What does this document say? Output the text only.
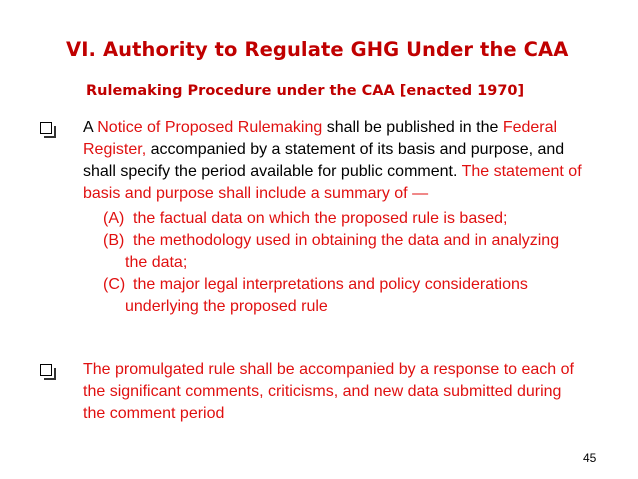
VI. Authority to Regulate GHG Under the CAA
Rulemaking Procedure under the CAA [enacted 1970]
A Notice of Proposed Rulemaking shall be published in the Federal Register, accompanied by a statement of its basis and purpose, and shall specify the period available for public comment. The statement of basis and purpose shall include a summary of —
(A) the factual data on which the proposed rule is based;
(B) the methodology used in obtaining the data and in analyzing the data;
(C) the major legal interpretations and policy considerations underlying the proposed rule
The promulgated rule shall be accompanied by a response to each of the significant comments, criticisms, and new data submitted during the comment period
45
